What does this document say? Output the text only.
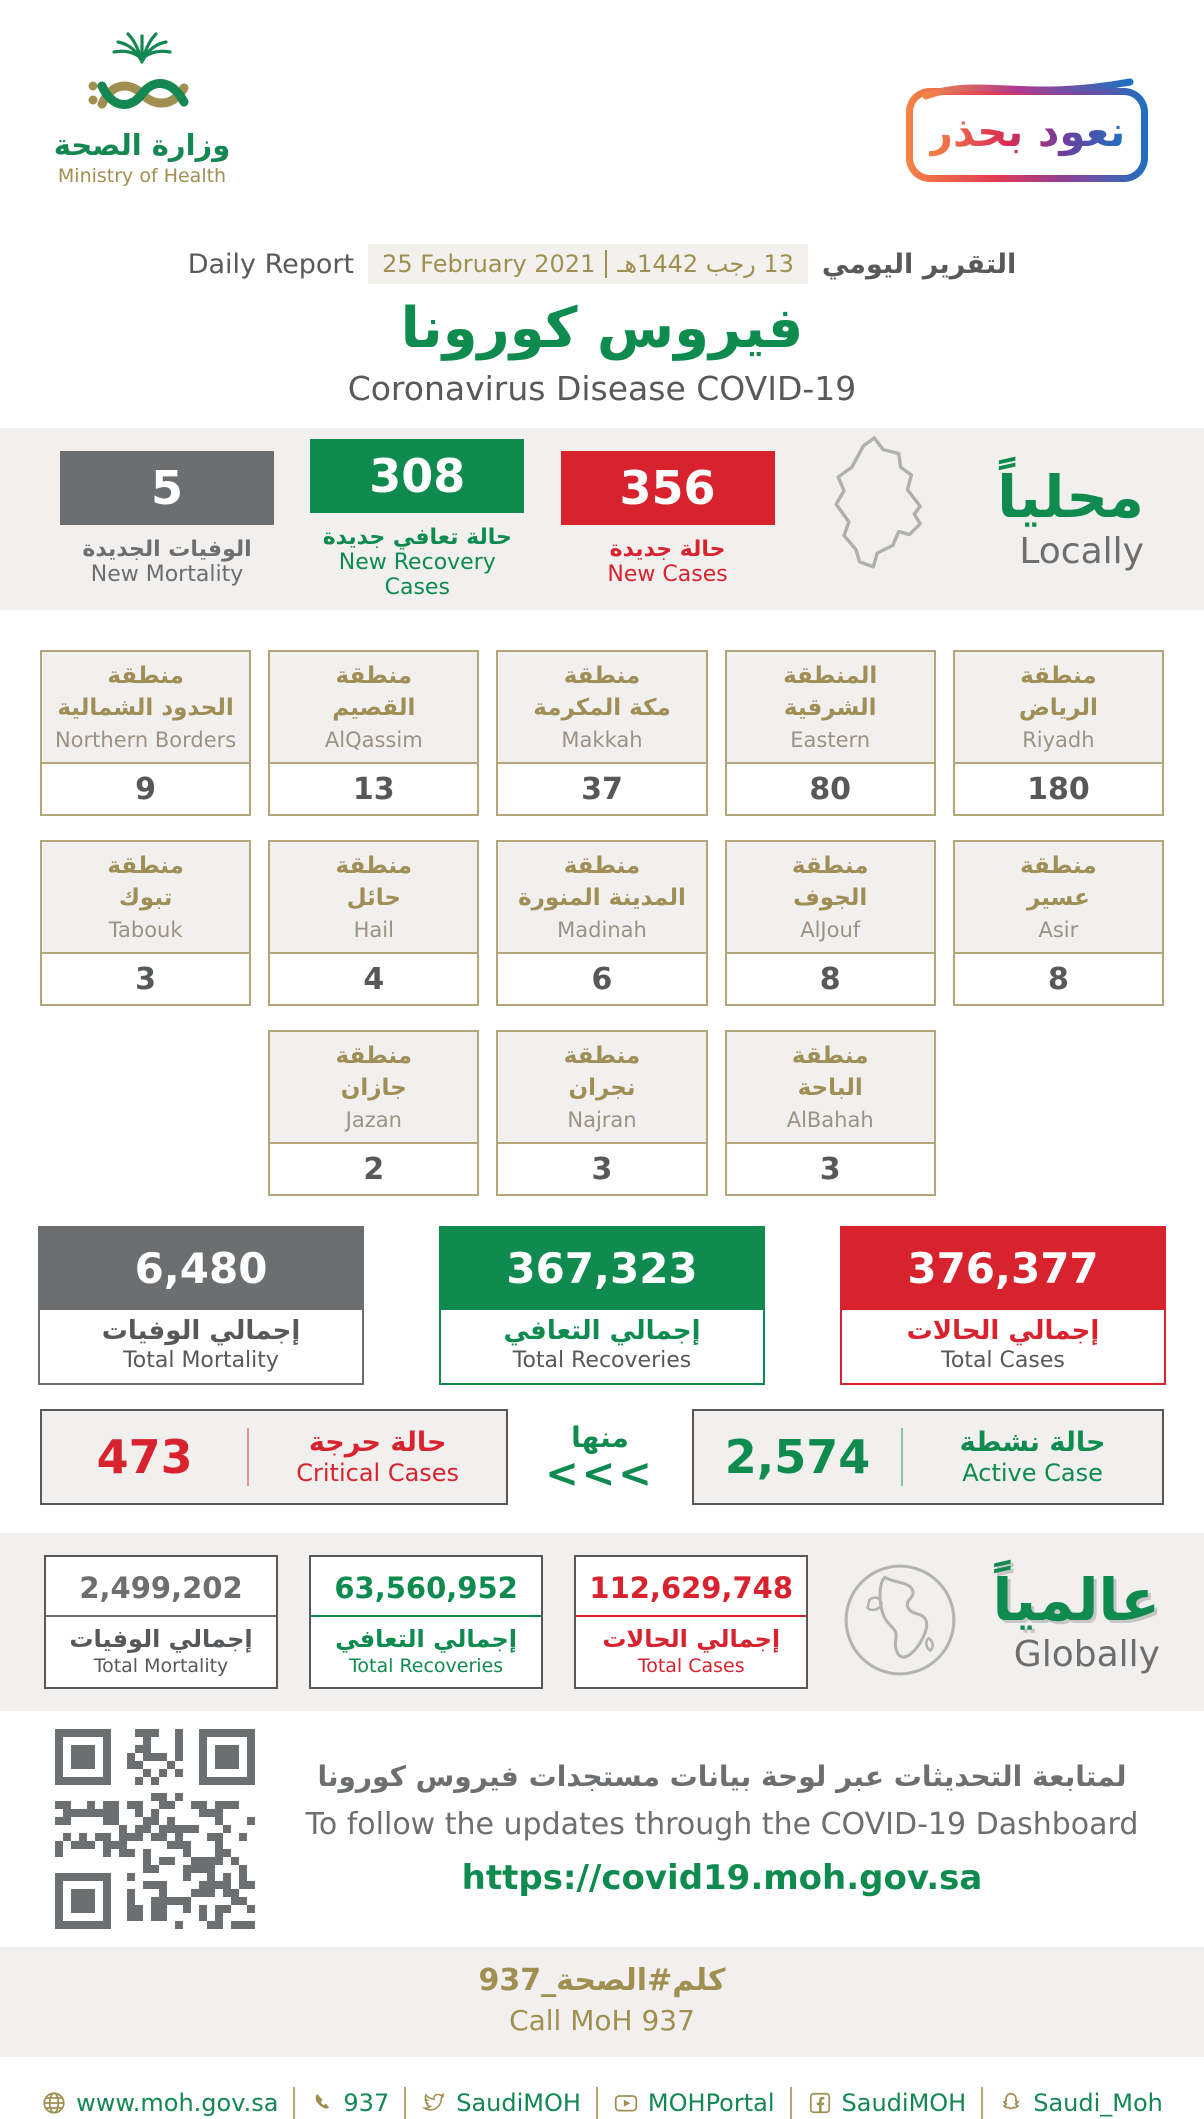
وزارة الصحة
Ministry of Health
نعود بحذر
Daily Report 25 February 2021 13 رجب 1442هـ التقرير اليومي
فيروس كورونا
Coronavirus Disease COVID-19
5
الوفيات الجديدة
New Mortality
308
حالة تعافي جديدة
New Recovery Cases
356
حالة جديدة
New Cases
محلياً
Locally
منطقة
الحدود الشمالية
Northern Borders
9
منطقة
القصيم
AlQassim
13
منطقة
مكة المكرمة
Makkah
37
المنطقة
الشرقية
Eastern
80
منطقة
الرياض
Riyadh
180
منطقة
تبوك
Tabouk
3
منطقة
حائل
Hail
4
منطقة
المدينة المنورة
Madinah
6
منطقة
الجوف
AlJouf
8
منطقة
عسير
Asir
8
منطقة
جازان
Jazan
2
منطقة
نجران
Najran
3
منطقة
الباحة
AlBahah
3
6,480
إجمالي الوفيات
Total Mortality
367,323
إجمالي التعافي
Total Recoveries
376,377
إجمالي الحالات
Total Cases
473	حالة حرجة
Critical Cases
منها
<<<	2,574	حالة نشطة
Active Case
2,499,202
إجمالي الوفيات
Total Mortality
63,560,952
إجمالي التعافي
Total Recoveries
112,629,748
إجمالي الحالات
Total Cases
عالمياً
Globally
لمتابعة التحديثات عبر لوحة بيانات مستجدات فيروس كورونا
To follow the updates through the COVID-19 Dashboard
https://covid19.moh.gov.sa
كلم#الصحة_937
Call MoH 937
www.moh.gov.sa	937	SaudiMOH	MOHPortal	SaudiMOH	Saudi_Moh
